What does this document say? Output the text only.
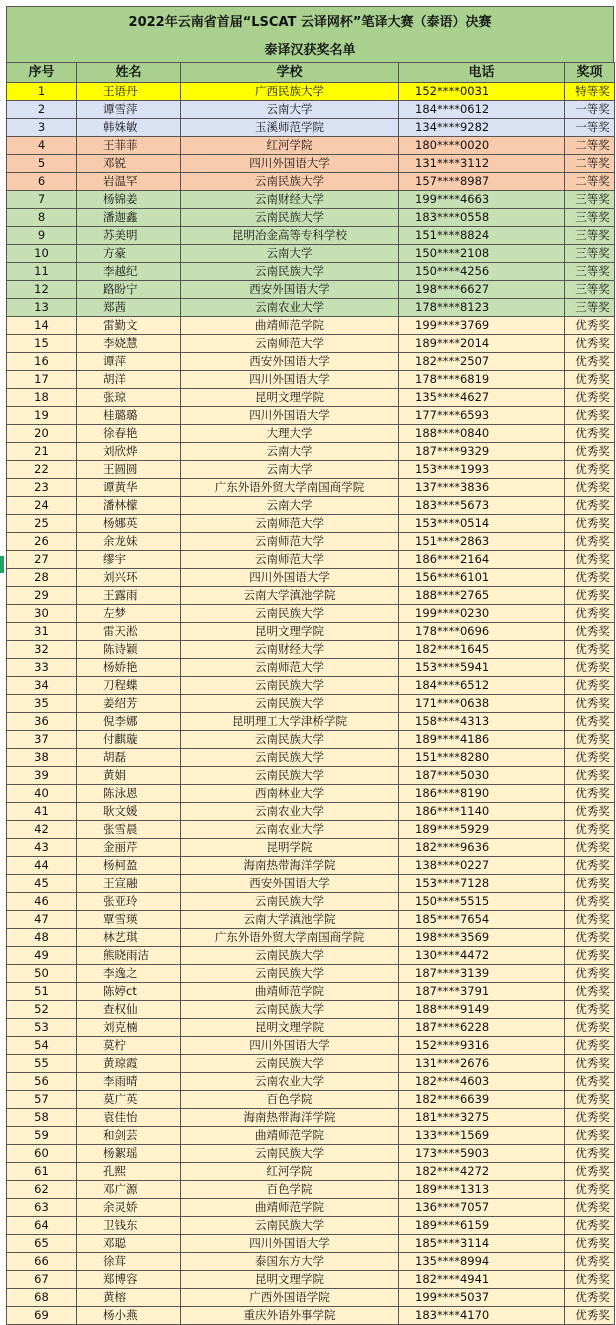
2022年云南省首届“LSCAT 云译网杯”笔译大赛（泰语）决赛
泰译汉获奖名单
序号	姓名	学校	电话	奖项
1	王语丹	广西民族大学	152****0031	特等奖
2	谭雪萍	云南大学	184****0612	一等奖
3	韩姝敏	玉溪师范学院	134****9282	一等奖
4	王菲菲	红河学院	180****0020	二等奖
5	邓锐	四川外国语大学	131****3112	二等奖
6	岩温罕	云南民族大学	157****8987	二等奖
7	杨锦姜	云南财经大学	199****4663	三等奖
8	潘迦鑫	云南民族大学	183****0558	三等奖
9	苏美明	昆明冶金高等专科学校	151****8824	三等奖
10	方豪	云南大学	150****2108	三等奖
11	李越纪	云南民族大学	150****4256	三等奖
12	路盼宁	西安外国语大学	198****6627	三等奖
13	郑茜	云南农业大学	178****8123	三等奖
14	雷勤文	曲靖师范学院	199****3769	优秀奖
15	李娆慧	云南师范大学	189****2014	优秀奖
16	谭萍	西安外国语大学	182****2507	优秀奖
17	胡洋	四川外国语大学	178****6819	优秀奖
18	张琼	昆明文理学院	135****4627	优秀奖
19	桂璐璐	四川外国语大学	177****6593	优秀奖
20	徐春艳	大理大学	188****0840	优秀奖
21	刘欣烨	云南大学	187****9329	优秀奖
22	王圆圆	云南大学	153****1993	优秀奖
23	谭黄华	广东外语外贸大学南国商学院	137****3836	优秀奖
24	潘林檬	云南大学	183****5673	优秀奖
25	杨娜英	云南师范大学	153****0514	优秀奖
26	余龙妹	云南师范大学	151****2863	优秀奖
27	缪宇	云南师范大学	186****2164	优秀奖
28	刘兴环	四川外国语大学	156****6101	优秀奖
29	王露雨	云南大学滇池学院	188****2765	优秀奖
30	左梦	云南民族大学	199****0230	优秀奖
31	雷天淞	昆明文理学院	178****0696	优秀奖
32	陈诗颖	云南财经大学	182****1645	优秀奖
33	杨娇艳	云南师范大学	153****5941	优秀奖
34	刀程蝶	云南民族大学	184****6512	优秀奖
35	姜绍芳	云南民族大学	171****0638	优秀奖
36	倪李娜	昆明理工大学津桥学院	158****4313	优秀奖
37	付麒璇	云南民族大学	189****4186	优秀奖
38	胡磊	云南民族大学	151****8280	优秀奖
39	黄娟	云南民族大学	187****5030	优秀奖
40	陈泳恩	西南林业大学	186****8190	优秀奖
41	耿文媛	云南农业大学	186****1140	优秀奖
42	张雪晨	云南农业大学	189****5929	优秀奖
43	金丽芹	昆明学院	182****9636	优秀奖
44	杨柯盈	海南热带海洋学院	138****0227	优秀奖
45	王宣融	西安外国语大学	153****7128	优秀奖
46	张亚玲	云南民族大学	150****5515	优秀奖
47	覃雪瑛	云南大学滇池学院	185****7654	优秀奖
48	林艺琪	广东外语外贸大学南国商学院	198****3569	优秀奖
49	熊晓雨洁	云南民族大学	130****4472	优秀奖
50	李逸之	云南民族大学	187****3139	优秀奖
51	陈婷ct	曲靖师范学院	187****3791	优秀奖
52	查权仙	云南民族大学	188****9149	优秀奖
53	刘克楠	昆明文理学院	187****6228	优秀奖
54	莫柠	四川外国语大学	152****9316	优秀奖
55	黄琼霞	云南民族大学	131****2676	优秀奖
56	李雨晴	云南农业大学	182****4603	优秀奖
57	莫广英	百色学院	182****6639	优秀奖
58	袁佳怡	海南热带海洋学院	181****3275	优秀奖
59	和剑芸	曲靖师范学院	133****1569	优秀奖
60	杨絮瑶	云南民族大学	173****5903	优秀奖
61	孔熙	红河学院	182****4272	优秀奖
62	邓广源	百色学院	189****1313	优秀奖
63	余灵娇	曲靖师范学院	136****7057	优秀奖
64	卫钱东	云南民族大学	189****6159	优秀奖
65	邓聪	四川外国语大学	185****3114	优秀奖
66	徐茸	泰国东方大学	135****8994	优秀奖
67	郑博容	昆明文理学院	182****4941	优秀奖
68	黄榕	广西外国语学院	199****5037	优秀奖
69	杨小燕	重庆外语外事学院	183****4170	优秀奖
